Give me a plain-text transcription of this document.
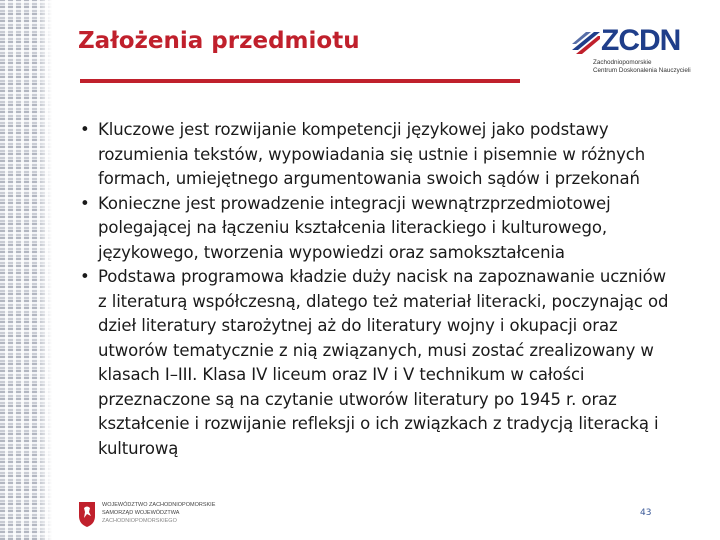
Założenia przedmiotu	ZCDN
Zachodniopomorskie
Centrum Doskonalenia Nauczycieli
• Kluczowe jest rozwijanie kompetencji językowej jako podstawy rozumienia tekstów, wypowiadania się ustnie i pisemnie w różnych formach, umiejętnego argumentowania swoich sądów i przekonań
• Konieczne jest prowadzenie integracji wewnątrzprzedmiotowej polegającej na łączeniu kształcenia literackiego i kulturowego, językowego, tworzenia wypowiedzi oraz samokształcenia
• Podstawa programowa kładzie duży nacisk na zapoznawanie uczniów z literaturą współczesną, dlatego też materiał literacki, poczynając od dzieł literatury starożytnej aż do literatury wojny i okupacji oraz utworów tematycznie z nią związanych, musi zostać zrealizowany w klasach I–III. Klasa IV liceum oraz IV i V technikum w całości przeznaczone są na czytanie utworów literatury po 1945 r. oraz kształcenie i rozwijanie refleksji o ich związkach z tradycją literacką i kulturową
WOJEWÓDZTWO ZACHODNIOPOMORSKIE
SAMORZĄD WOJEWÓDZTWA
ZACHODNIOPOMORSKIEGO
43
